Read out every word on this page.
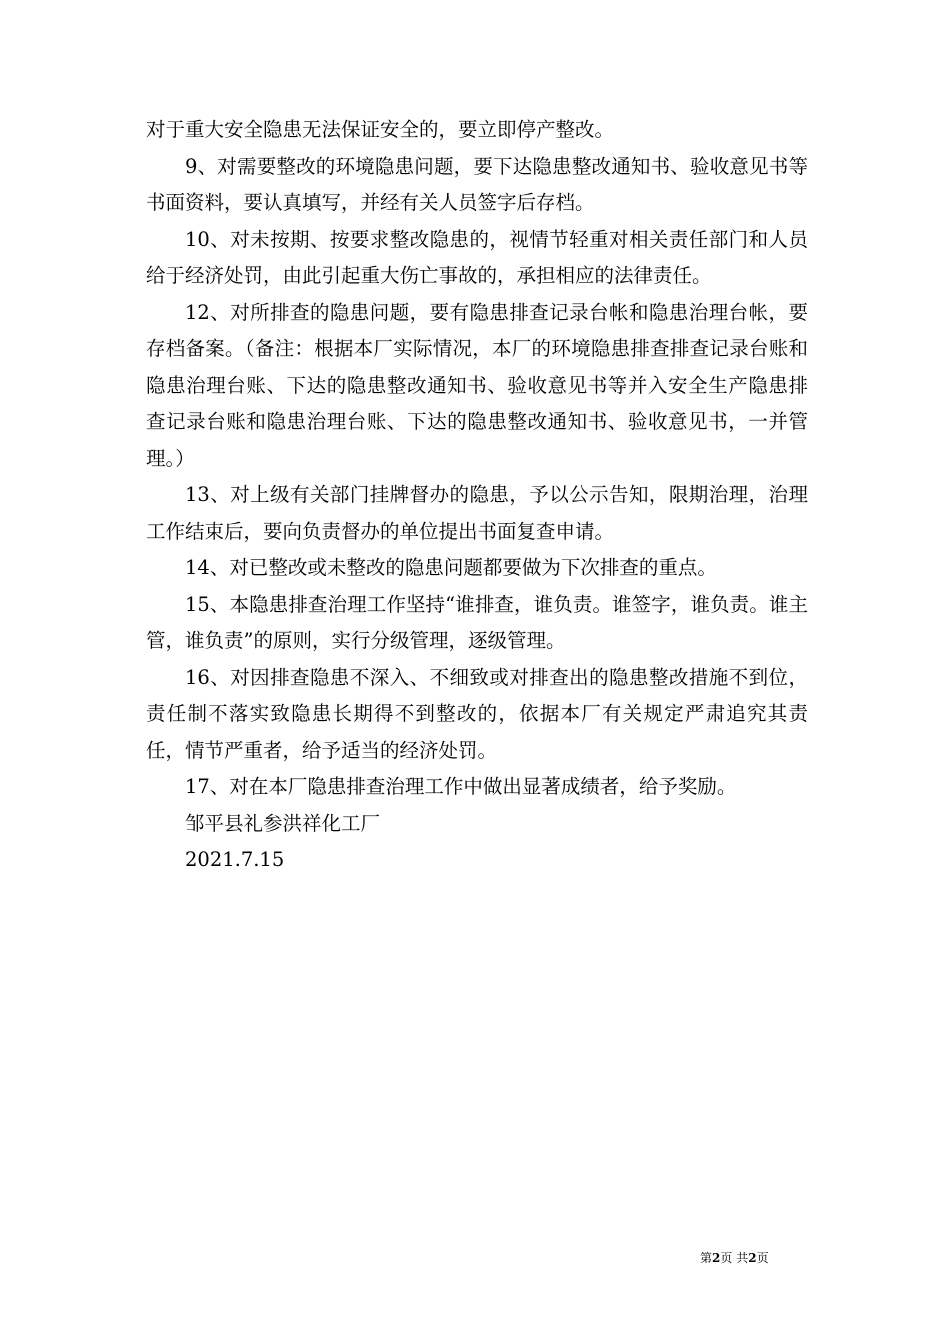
对于重大安全隐患无法保证安全的，要立即停产整改。

9、对需要整改的环境隐患问题，要下达隐患整改通知书、验收意见书等书面资料，要认真填写，并经有关人员签字后存档。

10、对未按期、按要求整改隐患的，视情节轻重对相关责任部门和人员给于经济处罚，由此引起重大伤亡事故的，承担相应的法律责任。

12、对所排查的隐患问题，要有隐患排查记录台帐和隐患治理台帐，要存档备案。（备注：根据本厂实际情况，本厂的环境隐患排查排查记录台账和隐患治理台账、下达的隐患整改通知书、验收意见书等并入安全生产隐患排查记录台账和隐患治理台账、下达的隐患整改通知书、验收意见书，一并管理。）

13、对上级有关部门挂牌督办的隐患，予以公示告知，限期治理，治理工作结束后，要向负责督办的单位提出书面复查申请。

14、对已整改或未整改的隐患问题都要做为下次排查的重点。

15、本隐患排查治理工作坚持“谁排查，谁负责。谁签字，谁负责。谁主管，谁负责”的原则，实行分级管理，逐级管理。

16、对因排查隐患不深入、不细致或对排查出的隐患整改措施不到位，责任制不落实致隐患长期得不到整改的，依据本厂有关规定严肃追究其责任，情节严重者，给予适当的经济处罚。

17、对在本厂隐患排查治理工作中做出显著成绩者，给予奖励。

邹平县礼参洪祥化工厂

2021.7.15

第2页 共2页
